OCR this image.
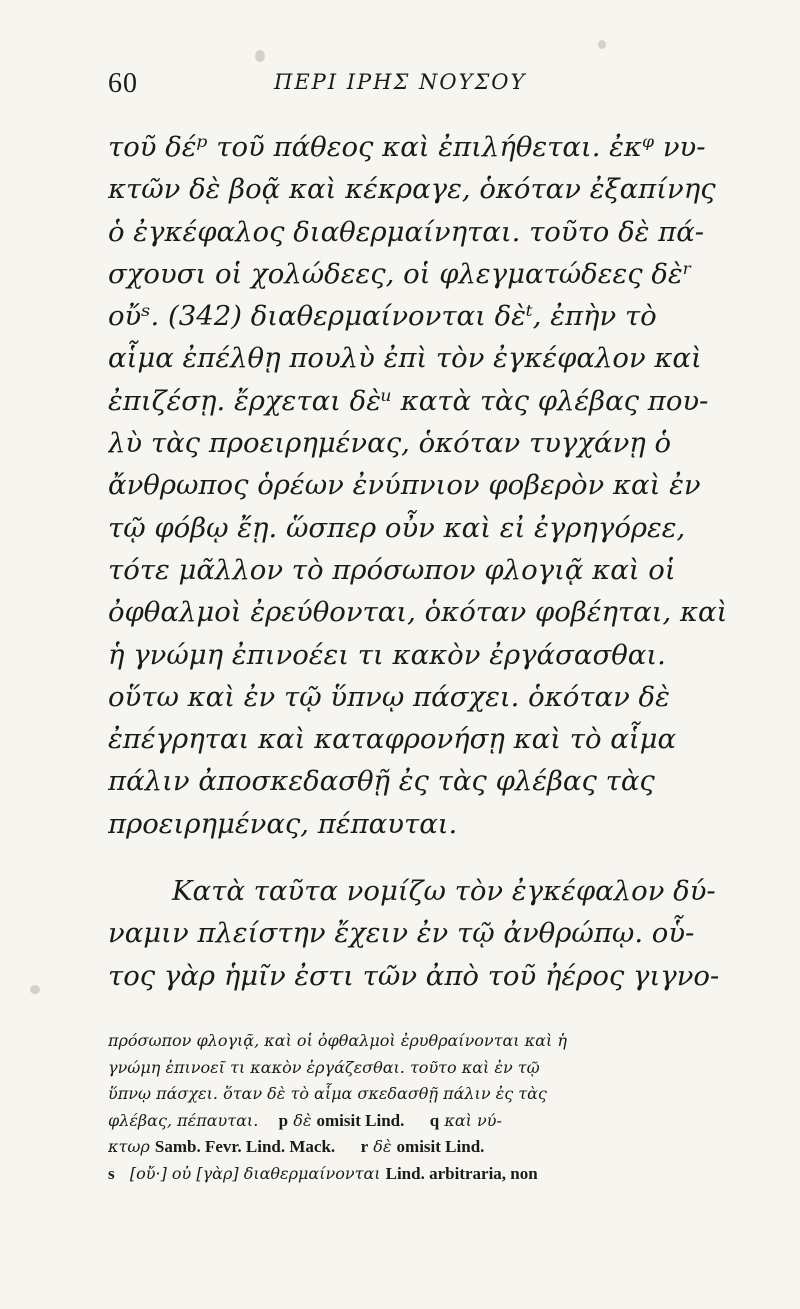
60	ΠΕΡΙ ΙΡΗΣ ΝΟΥΣΟΥ
τοῦ δέᵖ τοῦ πάθεος καὶ ἐπιλήθεται. ἐκᵠ νυ-
κτῶν δὲ βοᾷ καὶ κέκραγε, ὁκόταν ἐξαπίνης
ὁ ἐγκέφαλος διαθερμαίνηται. τοῦτο δὲ πά-
σχουσι οἱ χολώδεες, οἱ φλεγματώδεες δὲʳ
οὔˢ. (342) διαθερμαίνονται δὲᵗ, ἐπὴν τὸ
αἷμα ἐπέλθῃ πουλὺ ἐπὶ τὸν ἐγκέφαλον καὶ
ἐπιζέσῃ. ἔρχεται δὲᵘ κατὰ τὰς φλέβας που-
λὺ τὰς προειρημένας, ὁκόταν τυγχάνῃ ὁ
ἄνθρωπος ὁρέων ἐνύπνιον φοβερὸν καὶ ἐν
τῷ φόβῳ ἔῃ. ὥσπερ οὖν καὶ εἰ ἐγρηγόρεε,
τότε μᾶλλον τὸ πρόσωπον φλογιᾷ καὶ οἱ
ὀφθαλμοὶ ἐρεύθονται, ὁκόταν φοβέηται, καὶ
ἡ γνώμη ἐπινοέει τι κακὸν ἐργάσασθαι.
οὕτω καὶ ἐν τῷ ὕπνῳ πάσχει. ὁκόταν δὲ
ἐπέγρηται καὶ καταφρονήσῃ καὶ τὸ αἷμα
πάλιν ἀποσκεδασθῇ ἐς τὰς φλέβας τὰς
προειρημένας, πέπαυται.
Κατὰ ταῦτα νομίζω τὸν ἐγκέφαλον δύ-
ναμιν πλείστην ἔχειν ἐν τῷ ἀνθρώπῳ. οὗ-
τος γὰρ ἡμῖν ἐστι τῶν ἀπὸ τοῦ ἠέρος γιγνο-
πρόσωπον φλογιᾷ, καὶ οἱ ὀφθαλμοὶ ἐρυθραίνονται καὶ ἡ
γνώμη ἐπινοεῖ τι κακὸν ἐργάζεσθαι. τοῦτο καὶ ἐν τῷ
ὕπνῳ πάσχει. ὅταν δὲ τὸ αἷμα σκεδασθῇ πάλιν ἐς τὰς
φλέβας, πέπαυται. p δὲ omisit Lind. q καὶ νύ-
κτωρ Samb. Fevr. Lind. Mack. r δὲ omisit Lind.
s [οὔ·] οὐ [γὰρ] διαθερμαίνονται Lind. arbitraria, non
